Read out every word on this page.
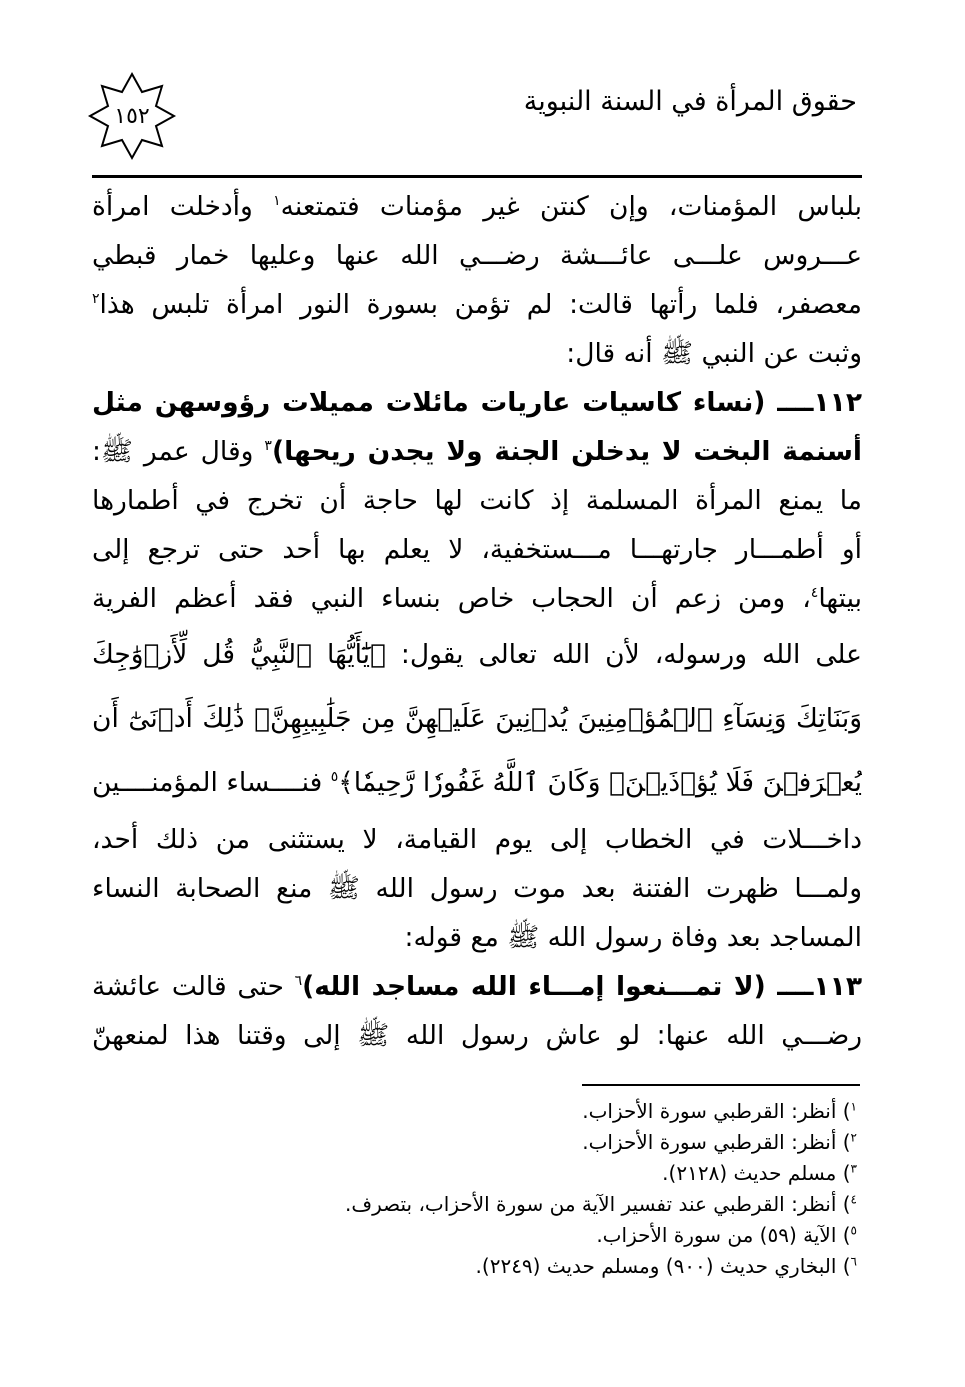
حقوق المرأة في السنة النبوية
١٥٢
بلباس المؤمنات، وإن كنتن غير مؤمنات فتمتعنه$^١$ وأدخلت امرأة
عـــروس علـــى عائـــشة رضـــي الله عنها وعليها خمار قبطي
معصفر، فلما رأتها قالت: لم تؤمن بسورة النور امرأة تلبس هذا$^٢$
وثبت عن النبي ﷺ أنه قال:
١١٢ــــ (نساء كاسيات عاريات مائلات مميلات رؤوسهن مثل
أسنمة البخت لا يدخلن الجنة ولا يجدن ريحها)$^٣$ وقال عمر ﷺ:
ما يمنع المرأة المسلمة إذ كانت لها حاجة أن تخرج في أطمارها
أو أطمـــار جارتهـــا مـــستخفية، لا يعلم بها أحد حتى ترجع إلى
بيتها$^٤$، ومن زعم أن الحجاب خاص بنساء النبي فقد أعظم الفرية
على الله ورسوله، لأن الله تعالى يقول: ﴿يَٰٓأَيُّهَا ٱلنَّبِيُّ قُل لِّأَزۡوَٰجِكَ
وَبَنَاتِكَ وَنِسَآءِ ٱلۡمُؤۡمِنِينَ يُدۡنِينَ عَلَيۡهِنَّ مِن جَلَٰبِيبِهِنَّۚ ذَٰلِكَ أَدۡنَىٰٓ أَن
يُعۡرَفۡنَ فَلَا يُؤۡذَيۡنَۗ وَكَانَ ٱللَّهُ غَفُورٗا رَّحِيمٗا﴾$^٥$ فنــــساء المؤمنــــين
داخـــلات في الخطاب إلى يوم القيامة، لا يستثنى من ذلك أحد،
ولمـــا ظهرت الفتنة بعد موت رسول الله ﷺ منع الصحابة النساء
المساجد بعد وفاة رسول الله ﷺ مع قوله:
١١٣ــــ (لا تمـــنعوا إمـــاء الله مساجد الله)$^٦$ حتى قالت عائشة
رضـــي الله عنها: لو عاش رسول الله ﷺ إلى وقتنا هذا لمنعهنّ
$^١$) أنظر: القرطبي سورة الأحزاب.
$^٢$) أنظر: القرطبي سورة الأحزاب.
$^٣$) مسلم حديث (٢١٢٨).
$^٤$) أنظر: القرطبي عند تفسير الآية من سورة الأحزاب، بتصرف.
$^٥$) الآية (٥٩) من سورة الأحزاب.
$^٦$) البخاري حديث (٩٠٠) ومسلم حديث (٢٢٤٩).
